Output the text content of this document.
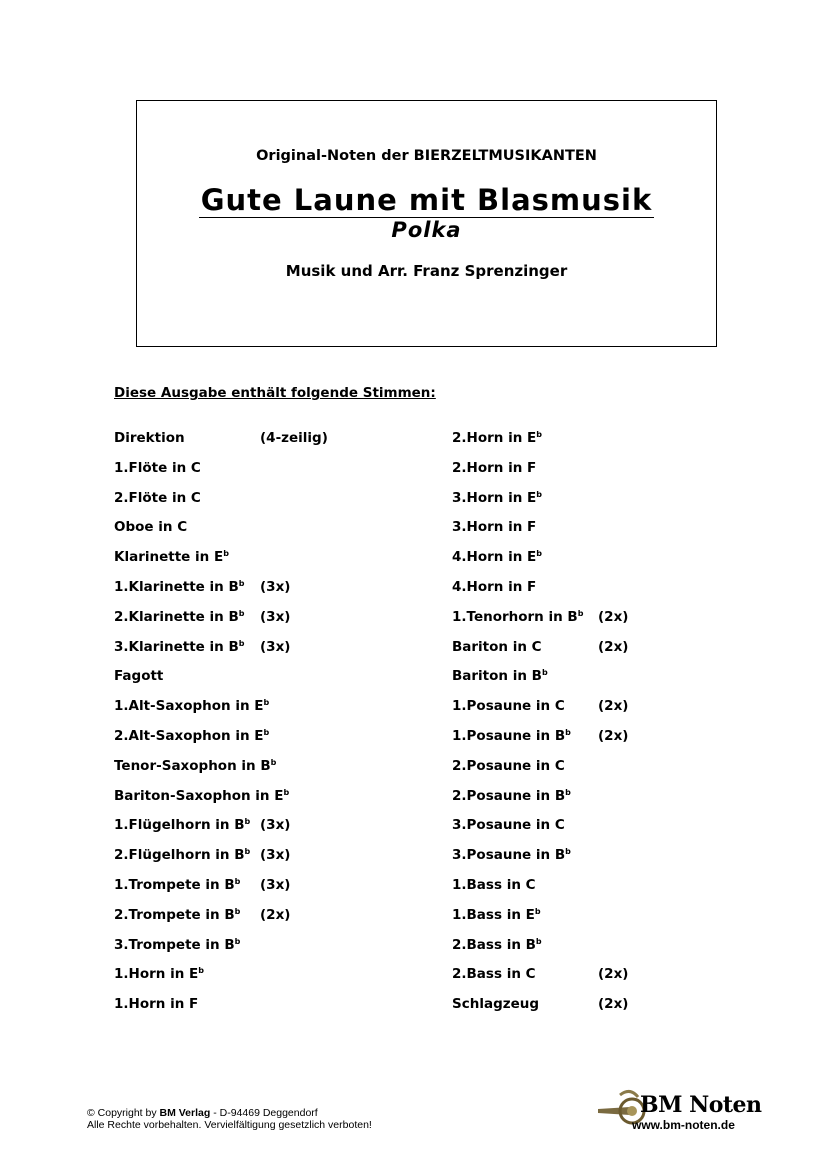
Original-Noten der BIERZELTMUSIKANTEN
Gute Laune mit Blasmusik
Polka
Musik und Arr. Franz Sprenzinger
Diese Ausgabe enthält folgende Stimmen:
Direktion	(4-zeilig)
1.Flöte in C
2.Flöte in C
Oboe in C
Klarinette in $E^b$
1.Klarinette in $B^b$ (3x)
2.Klarinette in $B^b$ (3x)
3.Klarinette in $B^b$ (3x)
Fagott
1.Alt-Saxophon in $E^b$
2.Alt-Saxophon in $E^b$
Tenor-Saxophon in $B^b$
Bariton-Saxophon in $E^b$
1.Flügelhorn in $B^b$ (3x)
2.Flügelhorn in $B^b$ (3x)
1.Trompete in $B^b$ (3x)
2.Trompete in $B^b$ (2x)
3.Trompete in $B^b$
1.Horn in $E^b$
1.Horn in F
2.Horn in $E^b$
2.Horn in F
3.Horn in $E^b$
3.Horn in F
4.Horn in $E^b$
4.Horn in F
1.Tenorhorn in $B^b$ (2x)
Bariton in C	(2x)
Bariton in $B^b$
1.Posaune in C (2x)
1.Posaune in $B^b$ (2x)
2.Posaune in C
2.Posaune in $B^b$
3.Posaune in C
3.Posaune in $B^b$
1.Bass in C
1.Bass in $E^b$
2.Bass in $B^b$
2.Bass in C	(2x)
Schlagzeug	(2x)
© Copyright by BM Verlag - D-94469 Deggendorf
Alle Rechte vorbehalten. Vervielfältigung gesetzlich verboten!
BM Noten
www.bm-noten.de
